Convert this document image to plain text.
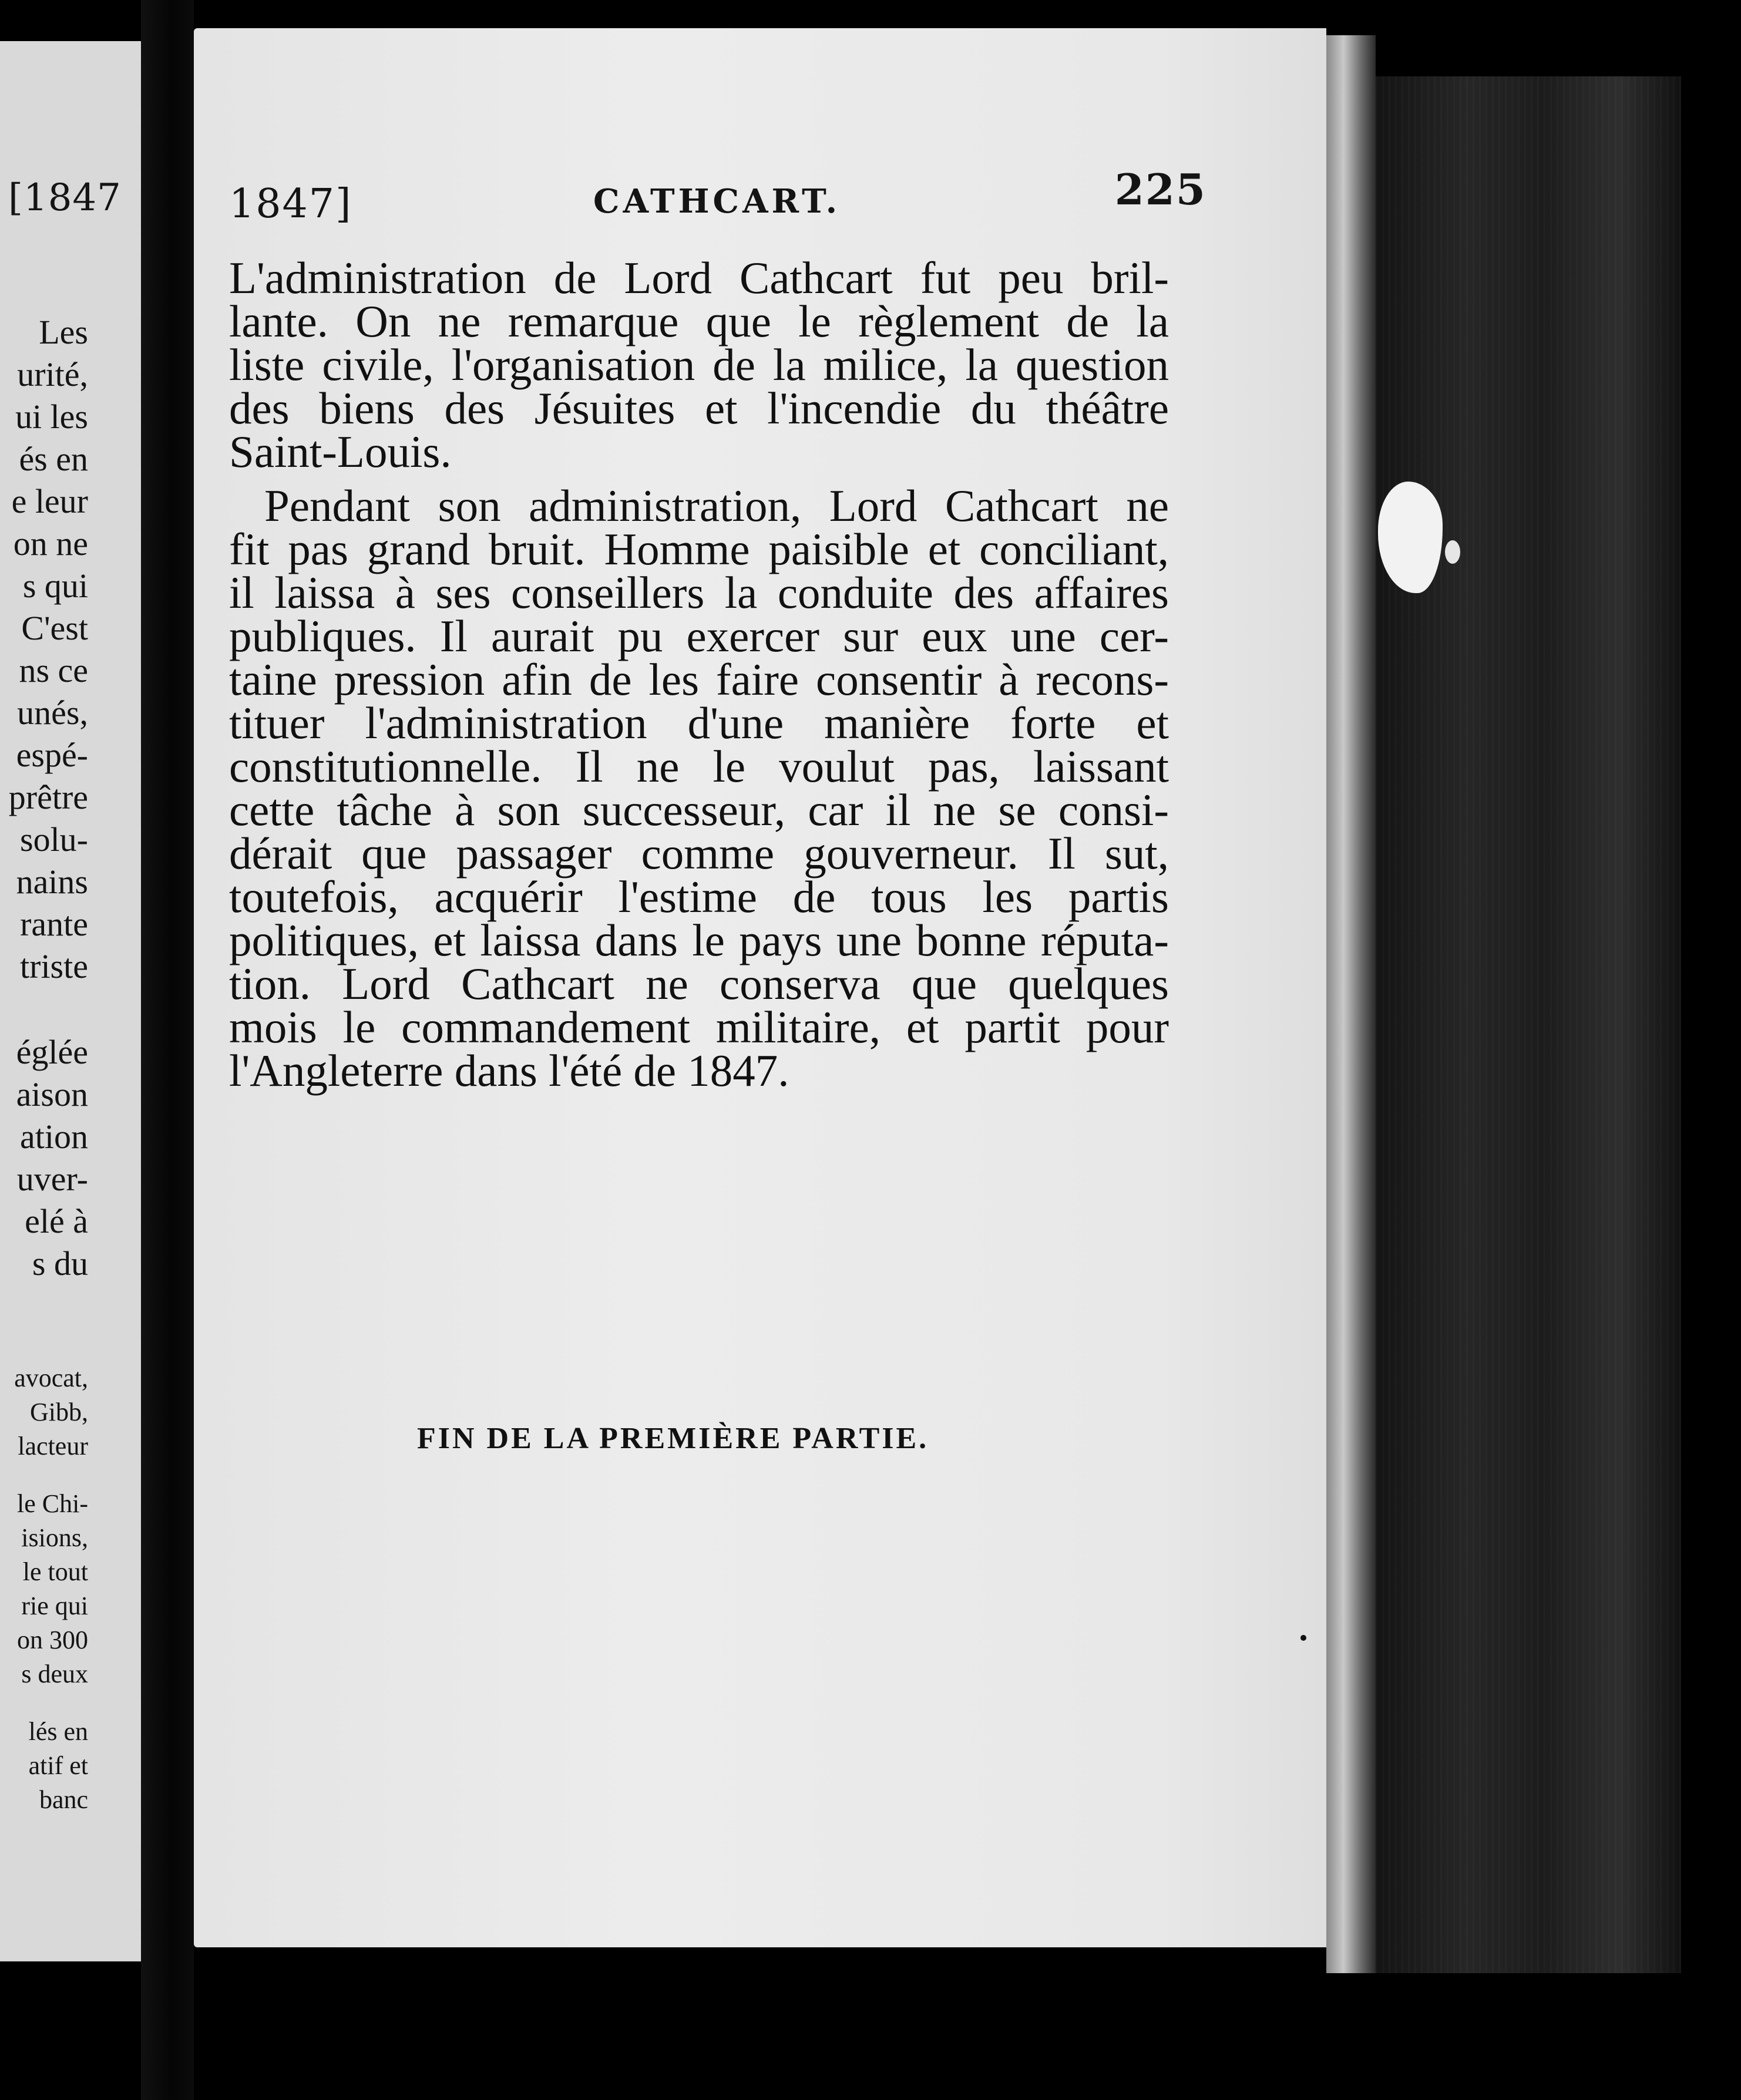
[1847
Les
urité,
ui les
és en
e leur
on ne
s qui
C'est
ns ce
unés,
espé-
prêtre
solu-
nains
rante
triste
églée
aison
ation
uver-
elé à
s du
avocat,
Gibb,
lacteur
le Chi-
isions,
le tout
rie qui
on 300
s deux
lés en
atif et
banc
1847]	CATHCART.	225

L'administration de Lord Cathcart fut peu bril-
lante. On ne remarque que le règlement de la
liste civile, l'organisation de la milice, la question
des biens des Jésuites et l'incendie du théâtre
Saint-Louis.
Pendant son administration, Lord Cathcart ne
fit pas grand bruit. Homme paisible et conciliant,
il laissa à ses conseillers la conduite des affaires
publiques. Il aurait pu exercer sur eux une cer-
taine pression afin de les faire consentir à recons-
tituer l'administration d'une manière forte et
constitutionnelle. Il ne le voulut pas, laissant
cette tâche à son successeur, car il ne se consi-
dérait que passager comme gouverneur. Il sut,
toutefois, acquérir l'estime de tous les partis
politiques, et laissa dans le pays une bonne réputa-
tion. Lord Cathcart ne conserva que quelques
mois le commandement militaire, et partit pour
l'Angleterre dans l'été de 1847.
FIN DE LA PREMIÈRE PARTIE.
